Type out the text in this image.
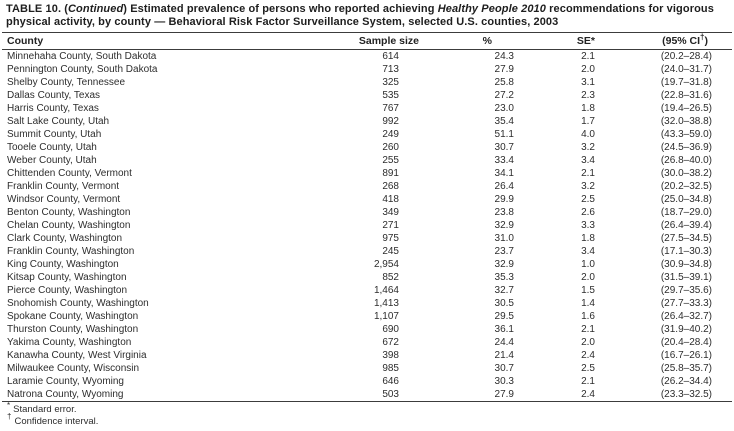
TABLE 10. (Continued) Estimated prevalence of persons who reported achieving Healthy People 2010 recommendations for vigorous physical activity, by county — Behavioral Risk Factor Surveillance System, selected U.S. counties, 2003
County	Sample size	%	SE*	(95% CI†)
Minnehaha County, South Dakota	614	24.3	2.1	(20.2–28.4)
Pennington County, South Dakota	713	27.9	2.0	(24.0–31.7)
Shelby County, Tennessee	325	25.8	3.1	(19.7–31.8)
Dallas County, Texas	535	27.2	2.3	(22.8–31.6)
Harris County, Texas	767	23.0	1.8	(19.4–26.5)
Salt Lake County, Utah	992	35.4	1.7	(32.0–38.8)
Summit County, Utah	249	51.1	4.0	(43.3–59.0)
Tooele County, Utah	260	30.7	3.2	(24.5–36.9)
Weber County, Utah	255	33.4	3.4	(26.8–40.0)
Chittenden County, Vermont	891	34.1	2.1	(30.0–38.2)
Franklin County, Vermont	268	26.4	3.2	(20.2–32.5)
Windsor County, Vermont	418	29.9	2.5	(25.0–34.8)
Benton County, Washington	349	23.8	2.6	(18.7–29.0)
Chelan County, Washington	271	32.9	3.3	(26.4–39.4)
Clark County, Washington	975	31.0	1.8	(27.5–34.5)
Franklin County, Washington	245	23.7	3.4	(17.1–30.3)
King County, Washington	2,954	32.9	1.0	(30.9–34.8)
Kitsap County, Washington	852	35.3	2.0	(31.5–39.1)
Pierce County, Washington	1,464	32.7	1.5	(29.7–35.6)
Snohomish County, Washington	1,413	30.5	1.4	(27.7–33.3)
Spokane County, Washington	1,107	29.5	1.6	(26.4–32.7)
Thurston County, Washington	690	36.1	2.1	(31.9–40.2)
Yakima County, Washington	672	24.4	2.0	(20.4–28.4)
Kanawha County, West Virginia	398	21.4	2.4	(16.7–26.1)
Milwaukee County, Wisconsin	985	30.7	2.5	(25.8–35.7)
Laramie County, Wyoming	646	30.3	2.1	(26.2–34.4)
Natrona County, Wyoming	503	27.9	2.4	(23.3–32.5)
* Standard error.
† Confidence interval.
